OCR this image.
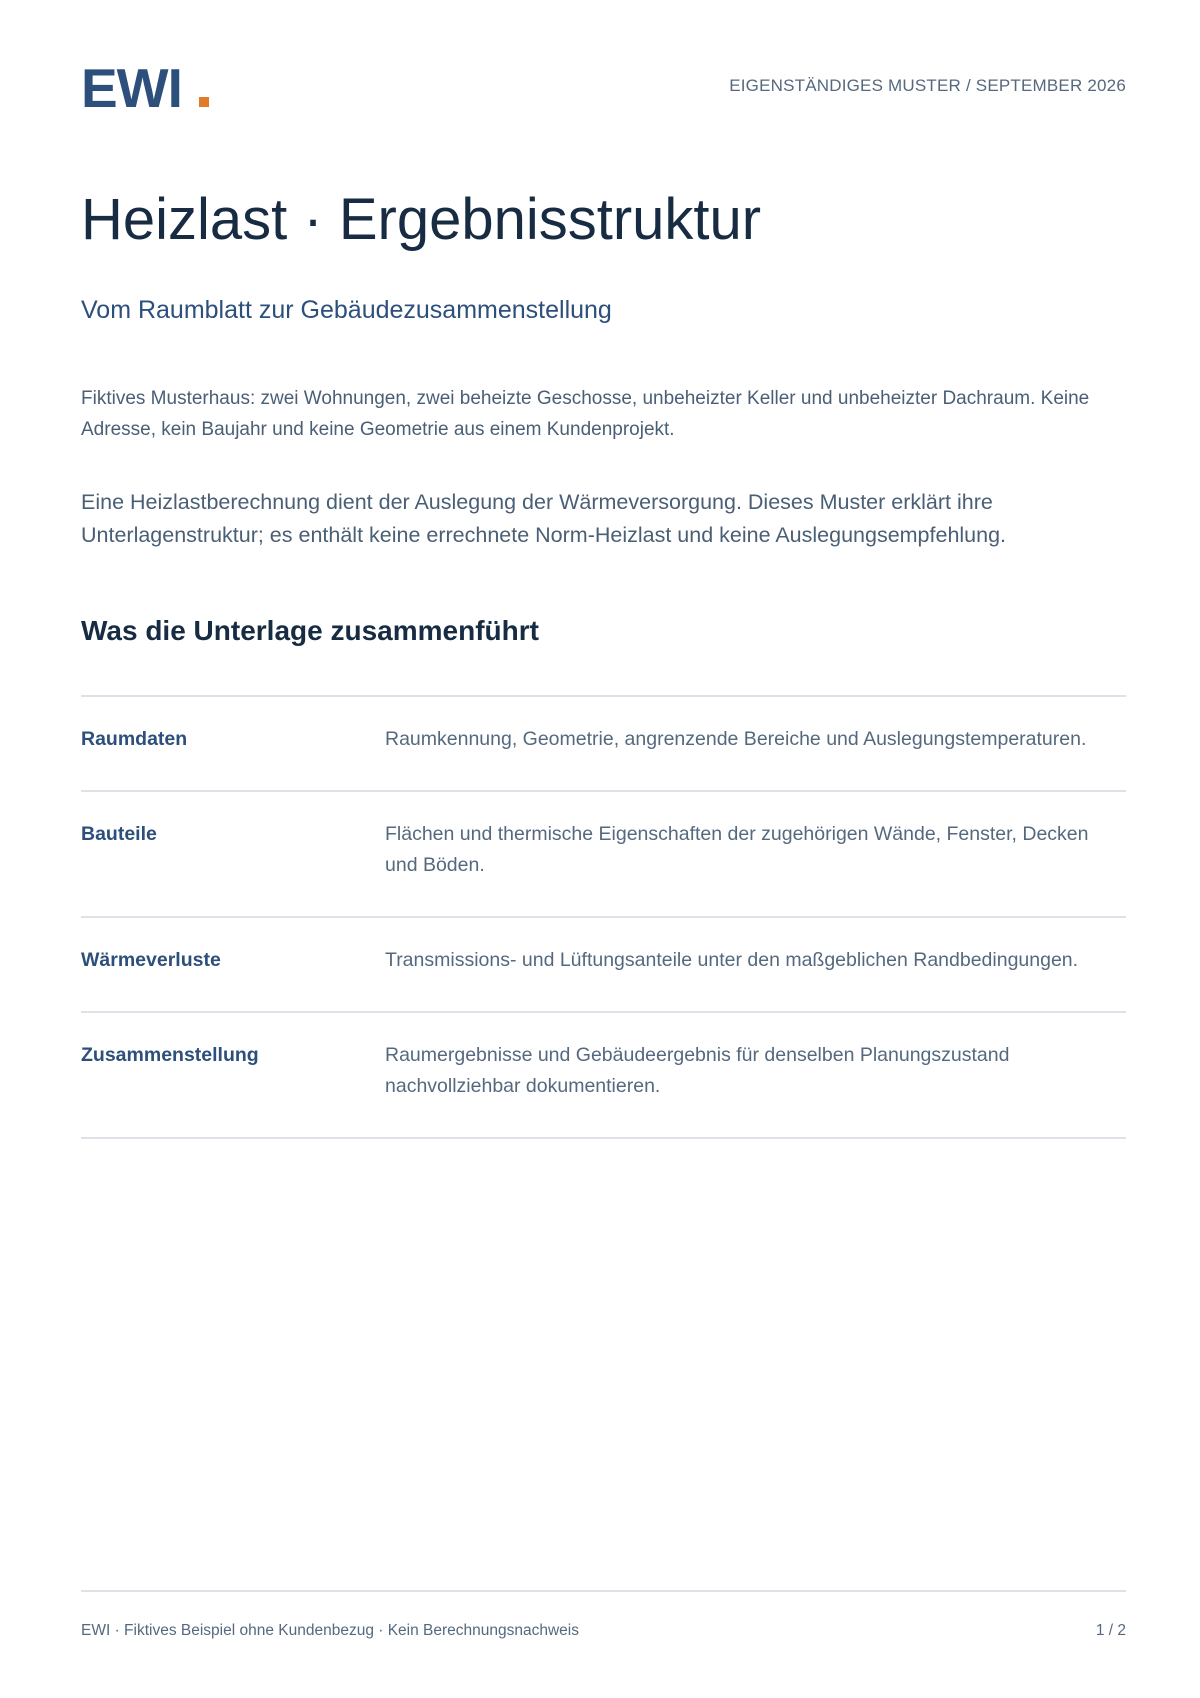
EWI	EIGENSTÄNDIGES MUSTER / SEPTEMBER 2026
Heizlast · Ergebnisstruktur
Vom Raumblatt zur Gebäudezusammenstellung

Fiktives Musterhaus: zwei Wohnungen, zwei beheizte Geschosse, unbeheizter Keller und unbeheizter Dachraum. Keine Adresse, kein Baujahr und keine Geometrie aus einem Kundenprojekt.

Eine Heizlastberechnung dient der Auslegung der Wärmeversorgung. Dieses Muster erklärt ihre Unterlagenstruktur; es enthält keine errechnete Norm-Heizlast und keine Auslegungsempfehlung.

Was die Unterlage zusammenführt
Raumdaten	Raumkennung, Geometrie, angrenzende Bereiche und Auslegungstemperaturen.
Bauteile	Flächen und thermische Eigenschaften der zugehörigen Wände, Fenster, Decken und Böden.
Wärmeverluste	Transmissions- und Lüftungsanteile unter den maßgeblichen Randbedingungen.
Zusammenstellung	Raumergebnisse und Gebäudeergebnis für denselben Planungszustand nachvollziehbar dokumentieren.
EWI · Fiktives Beispiel ohne Kundenbezug · Kein Berechnungsnachweis	1 / 2
